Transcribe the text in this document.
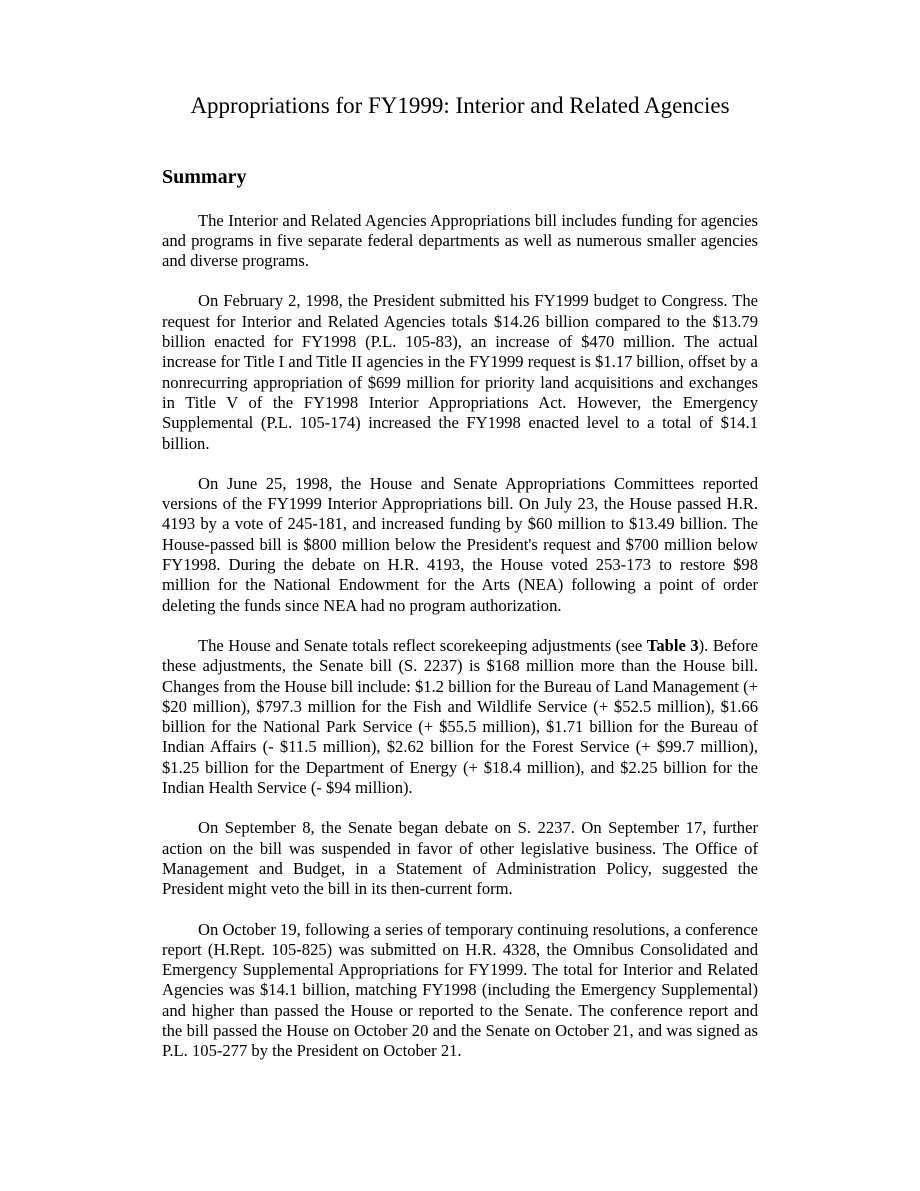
Appropriations for FY1999: Interior and Related Agencies
Summary

The Interior and Related Agencies Appropriations bill includes funding for agencies and programs in five separate federal departments as well as numerous smaller agencies and diverse programs.

On February 2, 1998, the President submitted his FY1999 budget to Congress. The request for Interior and Related Agencies totals $14.26 billion compared to the $13.79 billion enacted for FY1998 (P.L. 105-83), an increase of $470 million. The actual increase for Title I and Title II agencies in the FY1999 request is $1.17 billion, offset by a nonrecurring appropriation of $699 million for priority land acquisitions and exchanges in Title V of the FY1998 Interior Appropriations Act. However, the Emergency Supplemental (P.L. 105-174) increased the FY1998 enacted level to a total of $14.1 billion.

On June 25, 1998, the House and Senate Appropriations Committees reported versions of the FY1999 Interior Appropriations bill. On July 23, the House passed H.R. 4193 by a vote of 245-181, and increased funding by $60 million to $13.49 billion. The House-passed bill is $800 million below the President's request and $700 million below FY1998. During the debate on H.R. 4193, the House voted 253-173 to restore $98 million for the National Endowment for the Arts (NEA) following a point of order deleting the funds since NEA had no program authorization.

The House and Senate totals reflect scorekeeping adjustments (see Table 3). Before these adjustments, the Senate bill (S. 2237) is $168 million more than the House bill. Changes from the House bill include: $1.2 billion for the Bureau of Land Management (+ $20 million), $797.3 million for the Fish and Wildlife Service (+ $52.5 million), $1.66 billion for the National Park Service (+ $55.5 million), $1.71 billion for the Bureau of Indian Affairs (- $11.5 million), $2.62 billion for the Forest Service (+ $99.7 million), $1.25 billion for the Department of Energy (+ $18.4 million), and $2.25 billion for the Indian Health Service (- $94 million).

On September 8, the Senate began debate on S. 2237. On September 17, further action on the bill was suspended in favor of other legislative business. The Office of Management and Budget, in a Statement of Administration Policy, suggested the President might veto the bill in its then-current form.

On October 19, following a series of temporary continuing resolutions, a conference report (H.Rept. 105-825) was submitted on H.R. 4328, the Omnibus Consolidated and Emergency Supplemental Appropriations for FY1999. The total for Interior and Related Agencies was $14.1 billion, matching FY1998 (including the Emergency Supplemental) and higher than passed the House or reported to the Senate. The conference report and the bill passed the House on October 20 and the Senate on October 21, and was signed as P.L. 105-277 by the President on October 21.
